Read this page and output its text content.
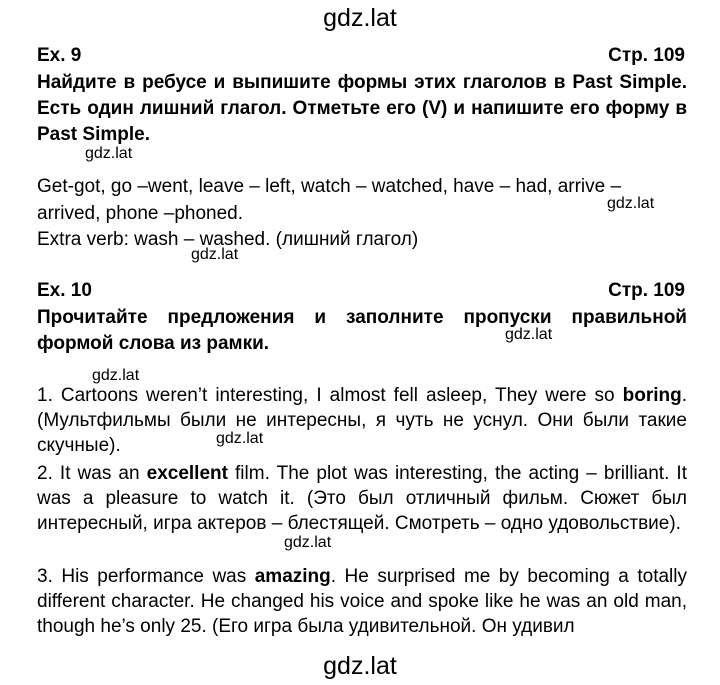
gdz.lat
Ex. 9	Стр. 109

Найдите в ребусе и выпишите формы этих глаголов в Past Simple. Есть один лишний глагол. Отметьте его (V) и напишите его форму в Past Simple.

Get-got, go –went, leave – left, watch – watched, have – had, arrive – arrived, phone –phoned.

Extra verb: wash – washed. (лишний глагол)

Ex. 10	Стр. 109

Прочитайте предложения и заполните пропуски правильной формой слова из рамки.

1. Cartoons weren’t interesting, I almost fell asleep, They were so boring. (Мультфильмы были не интересны, я чуть не уснул. Они были такие скучные).

2. It was an excellent film. The plot was interesting, the acting – brilliant. It was a pleasure to watch it. (Это был отличный фильм. Сюжет был интересный, игра актеров – блестящей. Смотреть – одно удовольствие).

3. His performance was amazing. He surprised me by becoming a totally different character. He changed his voice and spoke like he was an old man, though he’s only 25. (Его игра была удивительной. Он удивил

gdz.lat
gdz.lat
gdz.lat
gdz.lat
gdz.lat
gdz.lat
gdz.lat
gdz.lat
